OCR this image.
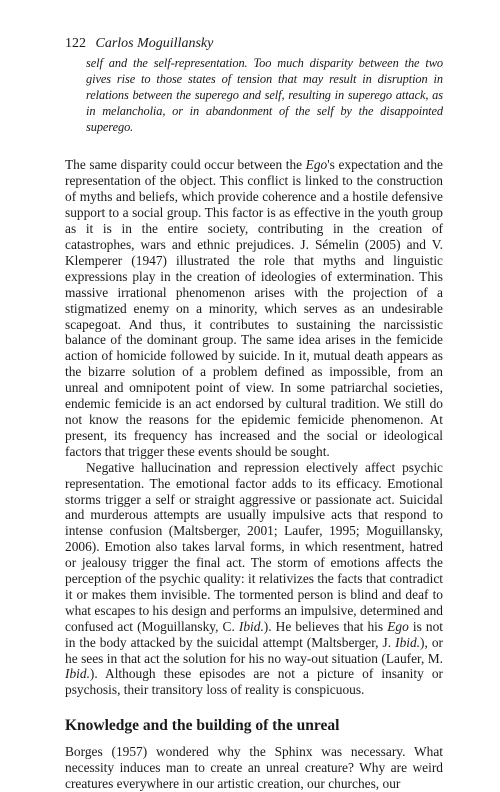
122 Carlos Moguillansky

self and the self-representation. Too much disparity between the two gives rise to those states of tension that may result in disruption in relations between the superego and self, resulting in superego attack, as in melancholia, or in abandonment of the self by the disappointed superego.

The same disparity could occur between the Ego's expectation and the representation of the object. This conflict is linked to the construction of myths and beliefs, which provide coherence and a hostile defensive support to a social group. This factor is as effective in the youth group as it is in the entire society, contributing in the creation of catastrophes, wars and ethnic prejudices. J. Sémelin (2005) and V. Klemperer (1947) illustrated the role that myths and linguistic expressions play in the creation of ideologies of extermination. This massive irrational phenomenon arises with the projection of a stigmatized enemy on a minority, which serves as an undesirable scapegoat. And thus, it contributes to sustaining the narcissistic balance of the dominant group. The same idea arises in the femicide action of homicide followed by suicide. In it, mutual death appears as the bizarre solution of a problem defined as impossible, from an unreal and omnipotent point of view. In some patriarchal societies, endemic femicide is an act endorsed by cultural tradition. We still do not know the reasons for the epidemic femicide phenomenon. At present, its frequency has increased and the social or ideological factors that trigger these events should be sought.

Negative hallucination and repression electively affect psychic representation. The emotional factor adds to its efficacy. Emotional storms trigger a self or straight aggressive or passionate act. Suicidal and murderous attempts are usually impulsive acts that respond to intense confusion (Maltsberger, 2001; Laufer, 1995; Moguillansky, 2006). Emotion also takes larval forms, in which resentment, hatred or jealousy trigger the final act. The storm of emotions affects the perception of the psychic quality: it relativizes the facts that contradict it or makes them invisible. The tormented person is blind and deaf to what escapes to his design and performs an impulsive, determined and confused act (Moguillansky, C. Ibid.). He believes that his Ego is not in the body attacked by the suicidal attempt (Maltsberger, J. Ibid.), or he sees in that act the solution for his no way-out situation (Laufer, M. Ibid.). Although these episodes are not a picture of insanity or psychosis, their transitory loss of reality is conspicuous.

Knowledge and the building of the unreal

Borges (1957) wondered why the Sphinx was necessary. What necessity induces man to create an unreal creature? Why are weird creatures everywhere in our artistic creation, our churches, our
